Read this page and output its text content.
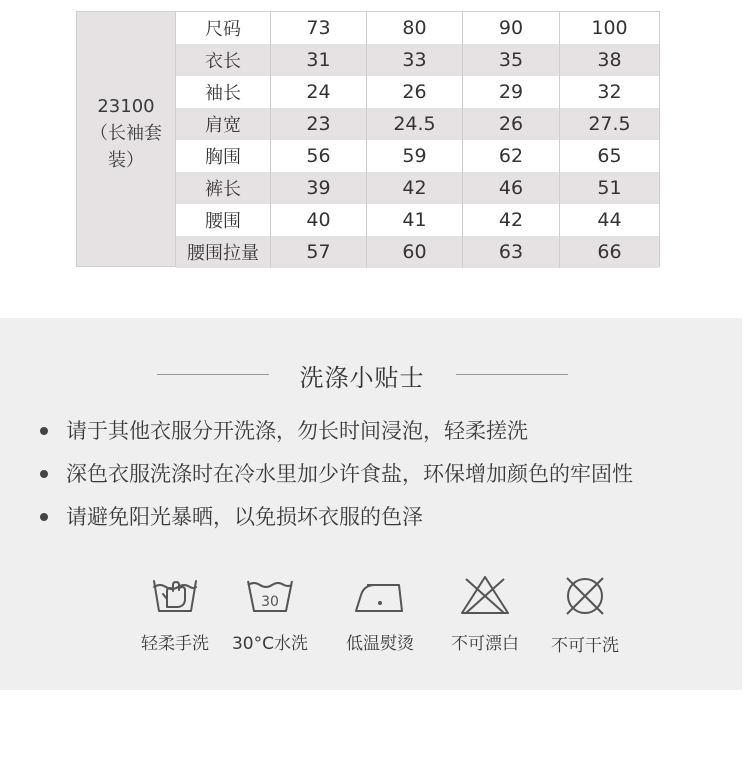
23100
（长袖套
装）
尺码	73	80	90	100
衣长	31	33	35	38
袖长	24	26	29	32
肩宽	23	24.5	26	27.5
胸围	56	59	62	65
裤长	39	42	46	51
腰围	40	41	42	44
腰围拉量	57	60	63	66
洗涤小贴士
请于其他衣服分开洗涤，勿长时间浸泡，轻柔搓洗
深色衣服洗涤时在冷水里加少许食盐，环保增加颜色的牢固性
请避免阳光暴晒，以免损坏衣服的色泽
轻柔手洗
30
30°C水洗	低温熨烫	不可漂白	不可干洗
